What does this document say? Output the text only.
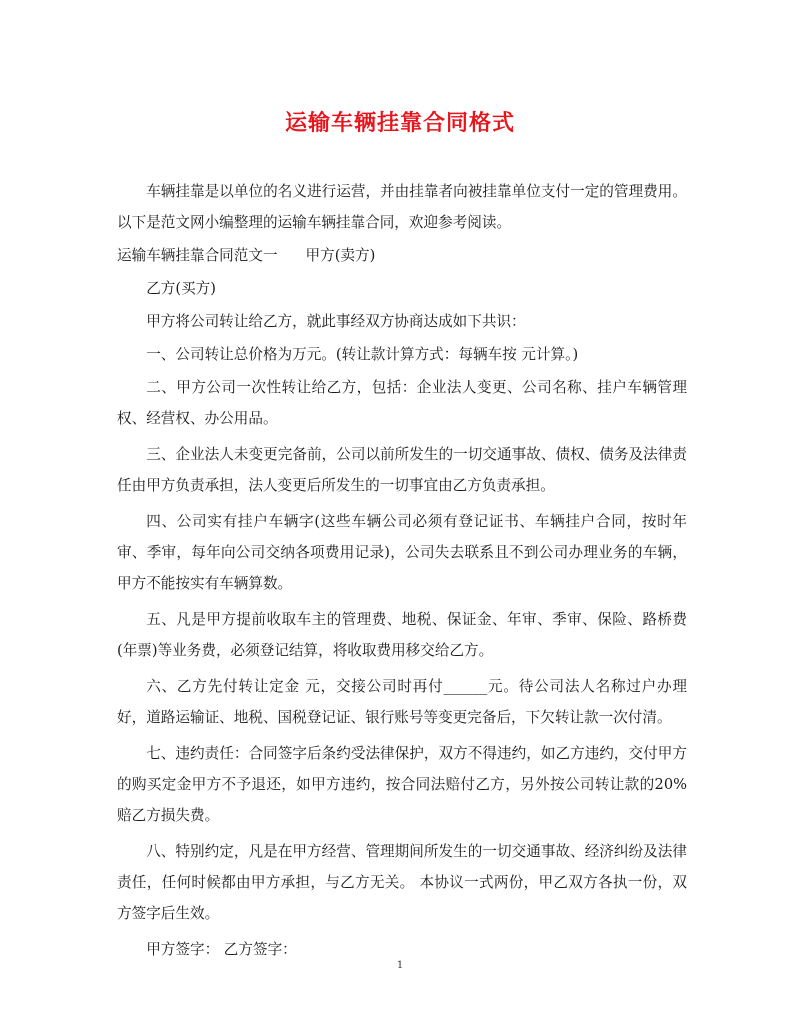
运输车辆挂靠合同格式

车辆挂靠是以单位的名义进行运营，并由挂靠者向被挂靠单位支付一定的管理费用。以下是范文网小编整理的运输车辆挂靠合同，欢迎参考阅读。

运输车辆挂靠合同范文一 甲方(卖方)

乙方(买方)

甲方将公司转让给乙方，就此事经双方协商达成如下共识：

一、公司转让总价格为万元。(转让款计算方式：每辆车按 元计算。)

二、甲方公司一次性转让给乙方，包括：企业法人变更、公司名称、挂户车辆管理权、经营权、办公用品。

三、企业法人未变更完备前，公司以前所发生的一切交通事故、债权、债务及法律责任由甲方负责承担，法人变更后所发生的一切事宜由乙方负责承担。

四、公司实有挂户车辆字(这些车辆公司必须有登记证书、车辆挂户合同，按时年审、季审，每年向公司交纳各项费用记录)，公司失去联系且不到公司办理业务的车辆，甲方不能按实有车辆算数。

五、凡是甲方提前收取车主的管理费、地税、保证金、年审、季审、保险、路桥费(年票)等业务费，必须登记结算，将收取费用移交给乙方。

六、乙方先付转让定金 元，交接公司时再付______元。待公司法人名称过户办理好，道路运输证、地税、国税登记证、银行账号等变更完备后，下欠转让款一次付清。

七、违约责任：合同签字后条约受法律保护，双方不得违约，如乙方违约，交付甲方的购买定金甲方不予退还，如甲方违约，按合同法赔付乙方，另外按公司转让款的20%赔乙方损失费。

八、特别约定，凡是在甲方经营、管理期间所发生的一切交通事故、经济纠纷及法律责任，任何时候都由甲方承担，与乙方无关。 本协议一式两份，甲乙双方各执一份，双方签字后生效。

甲方签字： 乙方签字：

1
